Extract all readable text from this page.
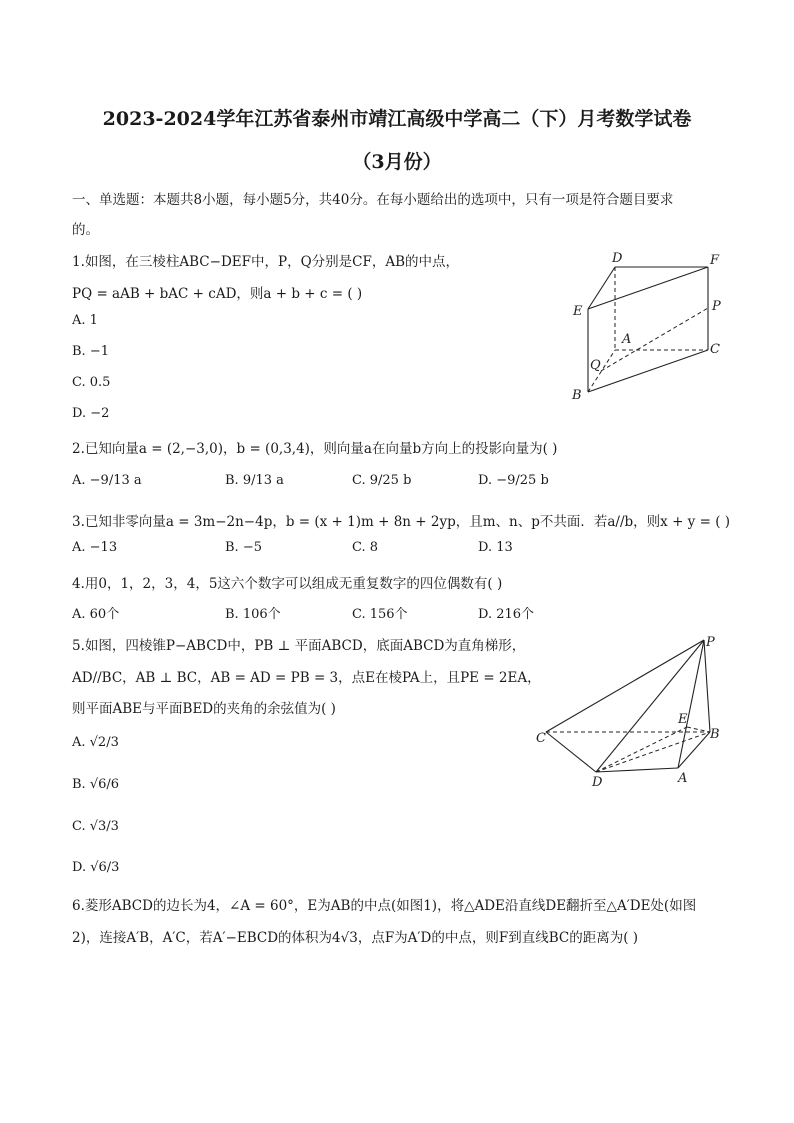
2023-2024学年江苏省泰州市靖江高级中学高二（下）月考数学试卷
（3月份）
一、单选题：本题共8小题，每小题5分，共40分。在每小题给出的选项中，只有一项是符合题目要求
的。
1.如图，在三棱柱ABC−DEF中，P，Q分别是CF，AB的中点，
PQ = aAB + bAC + cAD，则a + b + c = ( )
A. 1
B. −1
C. 0.5
D. −2
D	F
E	P
A
C
Q
B
2.已知向量a = (2,−3,0)，b = (0,3,4)，则向量a在向量b方向上的投影向量为( )
A. −9/13 a	B. 9/13 a	C. 9/25 b	D. −9/25 b
3.已知非零向量a = 3m−2n−4p，b = (x + 1)m + 8n + 2yp，且m、n、p不共面．若a//b，则x + y = ( )
A. −13	B. −5	C. 8	D. 13
4.用0，1，2，3，4，5这六个数字可以组成无重复数字的四位偶数有( )
A. 60个	B. 106个	C. 156个	D. 216个
5.如图，四棱锥P−ABCD中，PB ⊥ 平面ABCD，底面ABCD为直角梯形，
AD//BC，AB ⊥ BC，AB = AD = PB = 3，点E在棱PA上，且PE = 2EA，
则平面ABE与平面BED的夹角的余弦值为( )
A. √2/3
B. √6/6
C. √3/3
D. √6/3
P
E
B
C
D	A
6.菱形ABCD的边长为4，∠A = 60°，E为AB的中点(如图1)，将△ADE沿直线DE翻折至△A′DE处(如图
2)，连接A′B，A′C，若A′−EBCD的体积为4√3，点F为A′D的中点，则F到直线BC的距离为( )
